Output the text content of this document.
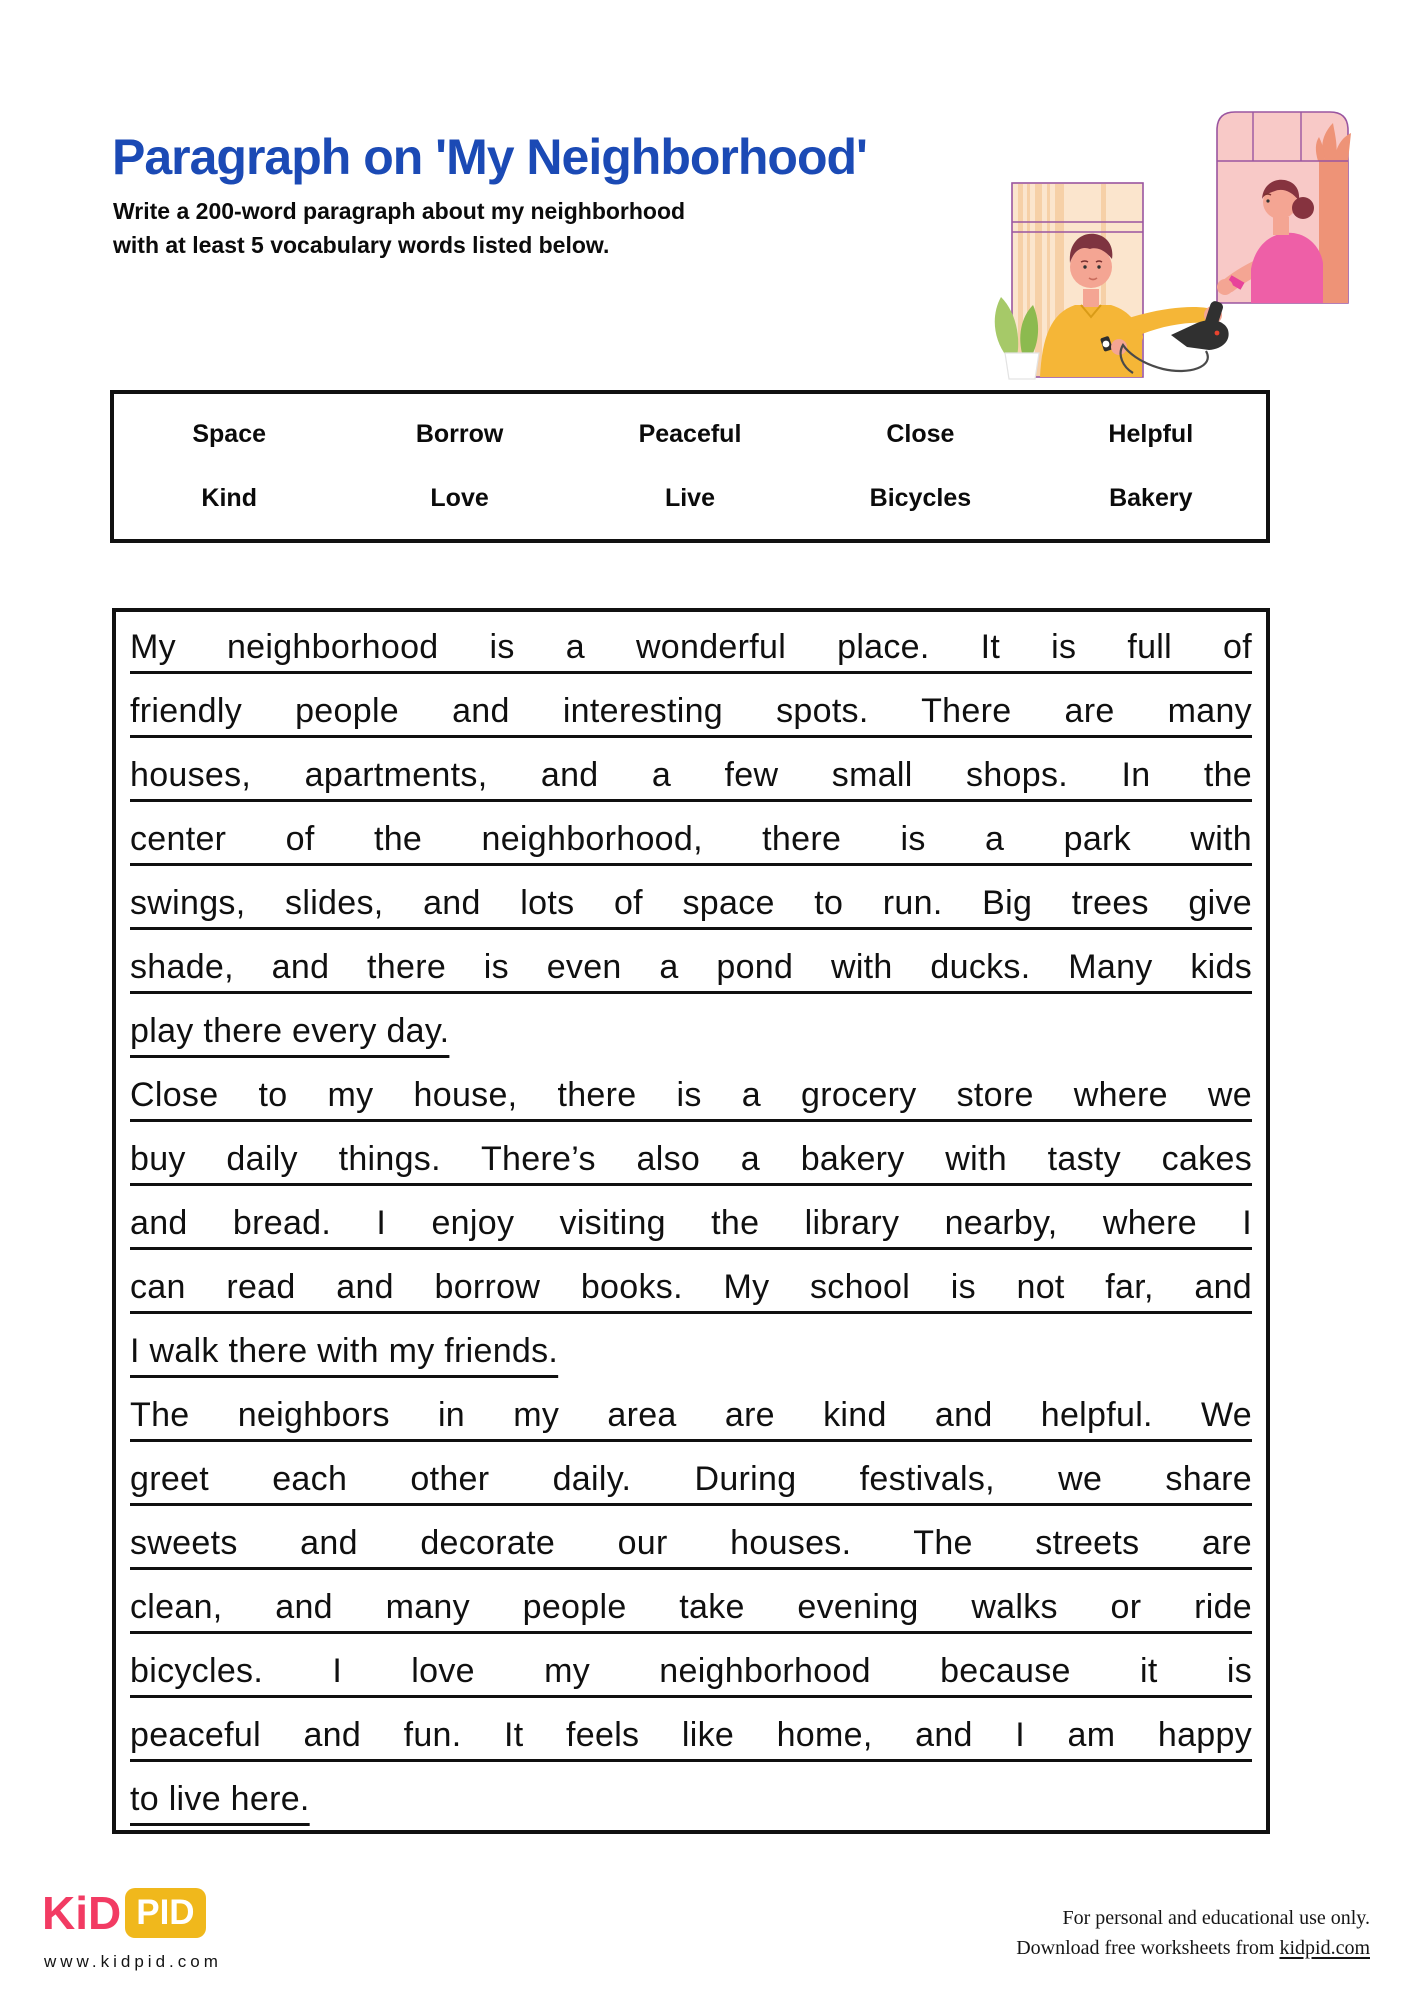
Paragraph on 'My Neighborhood'
Write a 200-word paragraph about my neighborhood
with at least 5 vocabulary words listed below.
Space	Borrow	Peaceful	Close	Helpful
Kind	Love	Live	Bicycles	Bakery
My neighborhood is a wonderful place. It is full of
friendly people and interesting spots. There are many
houses, apartments, and a few small shops. In the
center of the neighborhood, there is a park with
swings, slides, and lots of space to run. Big trees give
shade, and there is even a pond with ducks. Many kids
play there every day.
Close to my house, there is a grocery store where we
buy daily things. There’s also a bakery with tasty cakes
and bread. I enjoy visiting the library nearby, where I
can read and borrow books. My school is not far, and
I walk there with my friends.
The neighbors in my area are kind and helpful. We
greet each other daily. During festivals, we share
sweets and decorate our houses. The streets are
clean, and many people take evening walks or ride
bicycles. I love my neighborhood because it is
peaceful and fun. It feels like home, and I am happy
to live here.
KiD PID
www.kidpid.com
For personal and educational use only.
Download free worksheets from kidpid.com
